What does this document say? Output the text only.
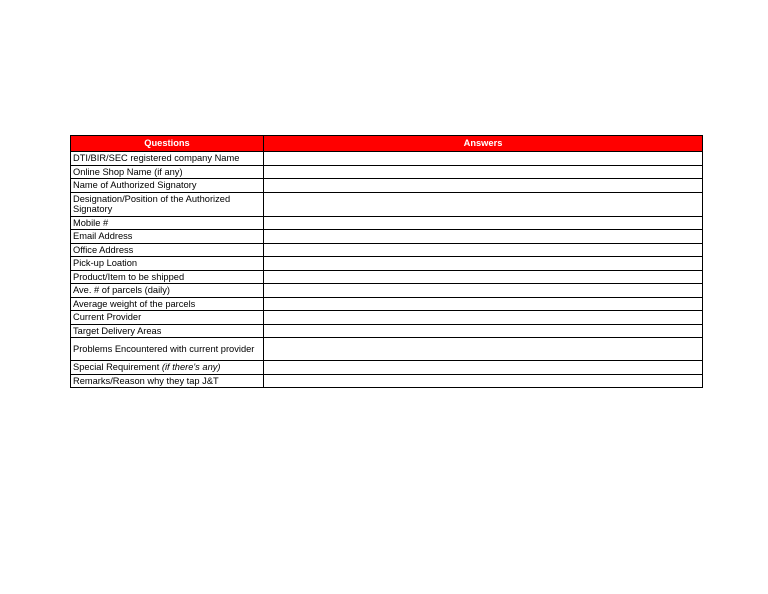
Questions	Answers
DTI/BIR/SEC registered company Name	
Online Shop Name (if any)	
Name of Authorized Signatory	
Designation/Position of the Authorized Signatory	
Mobile #	
Email Address	
Office Address	
Pick-up Loation	
Product/Item to be shipped	
Ave. # of parcels (daily)	
Average weight of the parcels	
Current Provider	
Target Delivery Areas	
Problems Encountered with current provider	
Special Requirement (if there's any)	
Remarks/Reason why they tap J&T	
